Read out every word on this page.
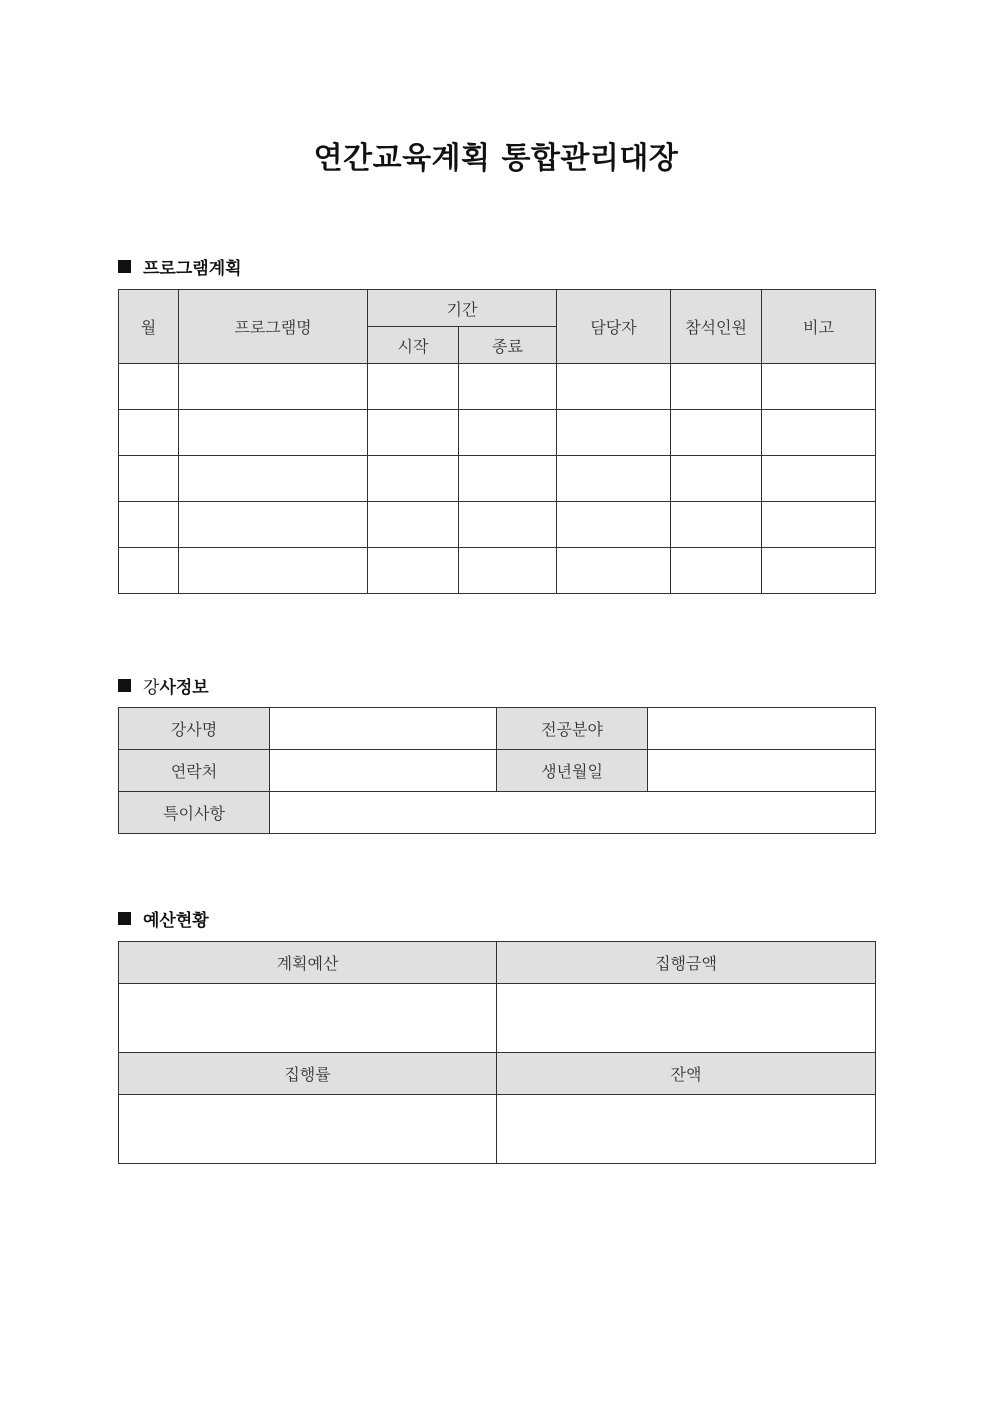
연간교육계획 통합관리대장
프로그램계획
월	프로그램명	기간		담당자	참석인원	비고
		시작	종료			

강 사정보
강사명		전공분야	
연락처		생년월일	
특이사항			
예산현황
계획예산	집행금액

집행률	잔액
